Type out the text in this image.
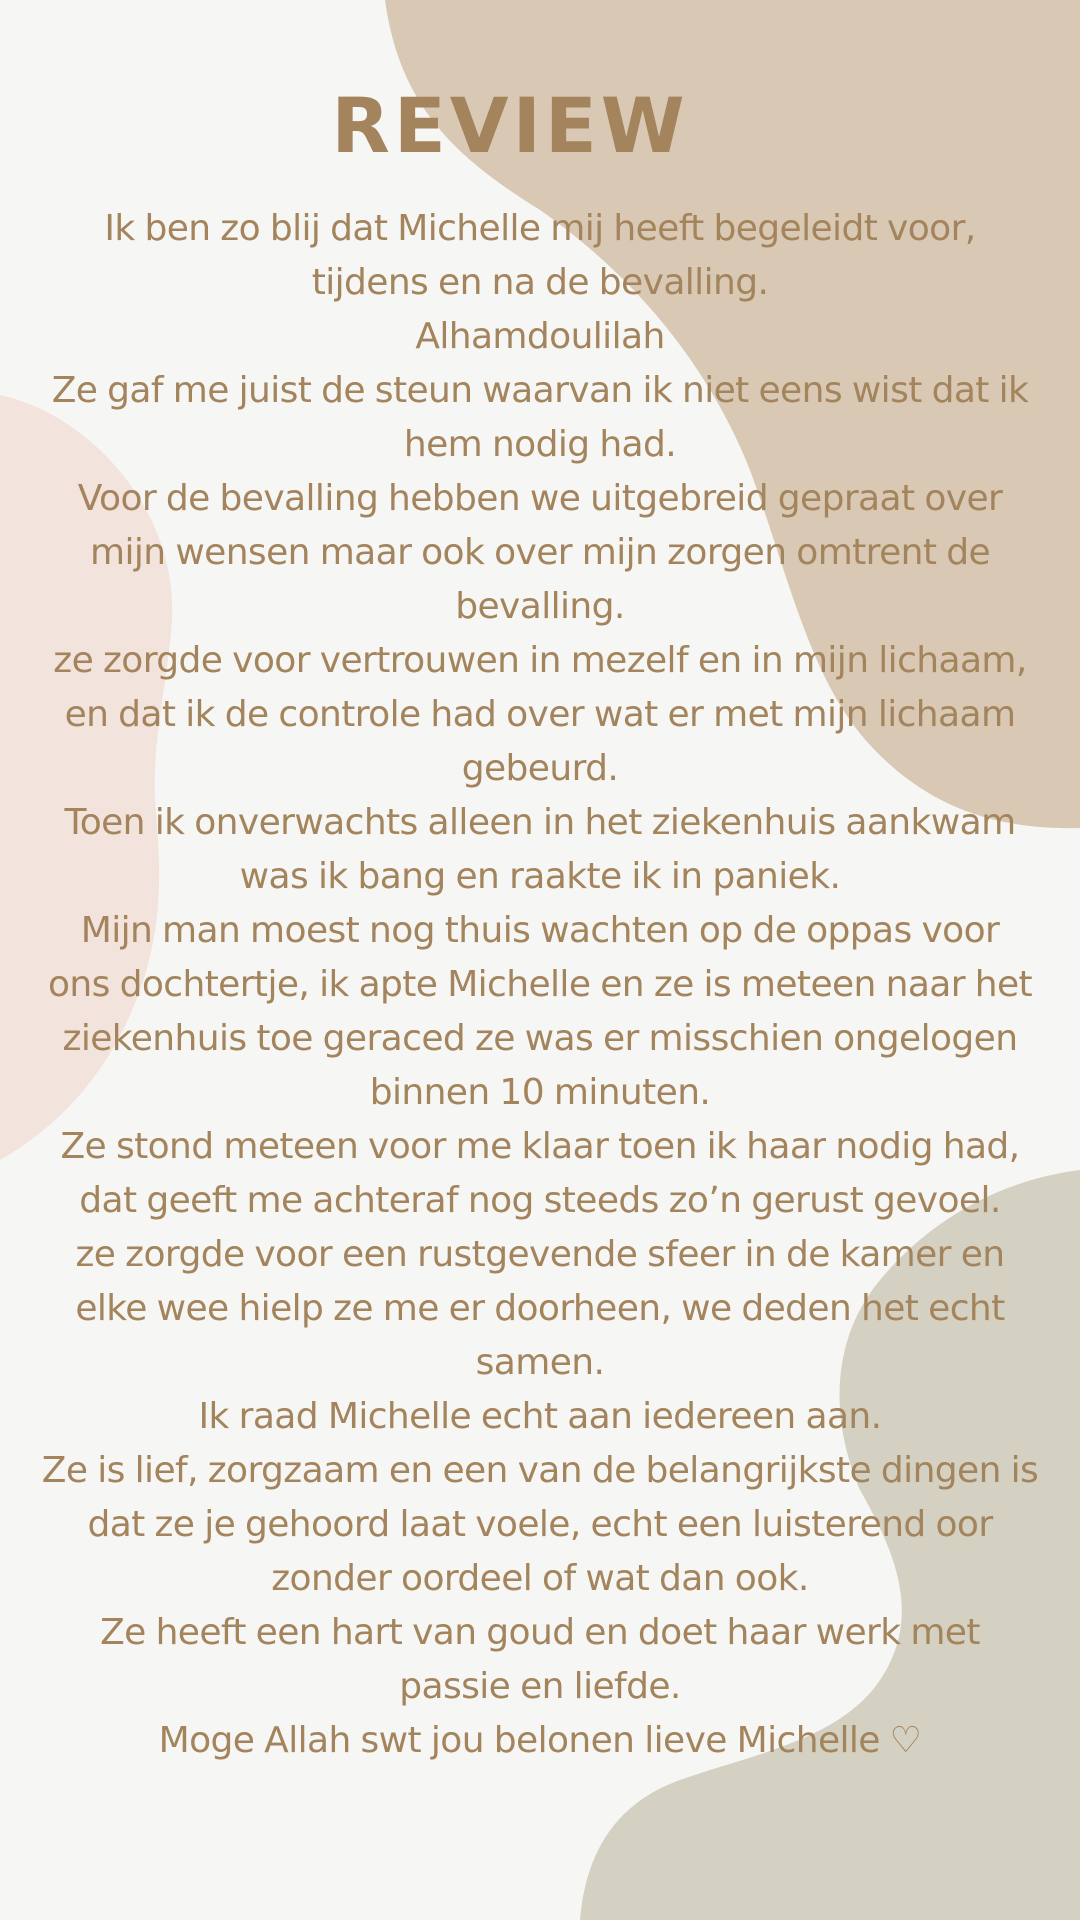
REVIEW

Ik ben zo blij dat Michelle mij heeft begeleidt voor,

tijdens en na de bevalling.

Alhamdoulilah

Ze gaf me juist de steun waarvan ik niet eens wist dat ik

hem nodig had.

Voor de bevalling hebben we uitgebreid gepraat over

mijn wensen maar ook over mijn zorgen omtrent de

bevalling.

ze zorgde voor vertrouwen in mezelf en in mijn lichaam,

en dat ik de controle had over wat er met mijn lichaam

gebeurd.

Toen ik onverwachts alleen in het ziekenhuis aankwam

was ik bang en raakte ik in paniek.

Mijn man moest nog thuis wachten op de oppas voor

ons dochtertje, ik apte Michelle en ze is meteen naar het

ziekenhuis toe geraced ze was er misschien ongelogen

binnen 10 minuten.

Ze stond meteen voor me klaar toen ik haar nodig had,

dat geeft me achteraf nog steeds zo’n gerust gevoel.

ze zorgde voor een rustgevende sfeer in de kamer en

elke wee hielp ze me er doorheen, we deden het echt

samen.

Ik raad Michelle echt aan iedereen aan.

Ze is lief, zorgzaam en een van de belangrijkste dingen is

dat ze je gehoord laat voele, echt een luisterend oor

zonder oordeel of wat dan ook.

Ze heeft een hart van goud en doet haar werk met

passie en liefde.

Moge Allah swt jou belonen lieve Michelle ♡
